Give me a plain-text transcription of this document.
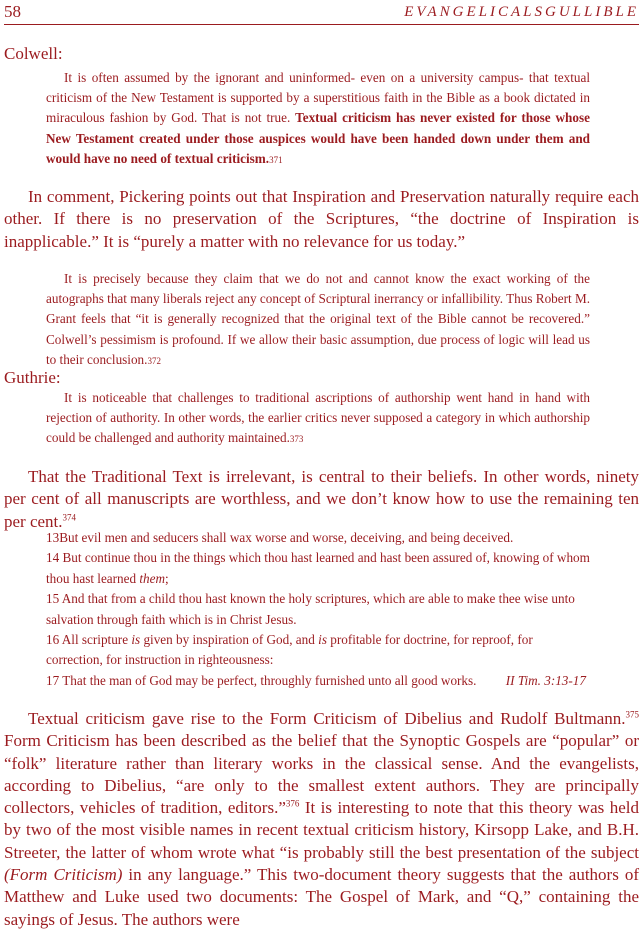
58	EVANGELICALSGULLIBLE
Colwell:
It is often assumed by the ignorant and uninformed- even on a university campus- that textual criticism of the New Testament is supported by a superstitious faith in the Bible as a book dictated in miraculous fashion by God. That is not true. Textual criticism has never existed for those whose New Testament created under those auspices would have been handed down under them and would have no need of textual criticism.371
In comment, Pickering points out that Inspiration and Preservation naturally require each other. If there is no preservation of the Scriptures, “the doctrine of Inspiration is inapplicable.” It is “purely a matter with no relevance for us today.”
It is precisely because they claim that we do not and cannot know the exact working of the autographs that many liberals reject any concept of Scriptural inerrancy or infallibility. Thus Robert M. Grant feels that “it is generally recognized that the original text of the Bible cannot be recovered.” Colwell’s pessimism is profound. If we allow their basic assumption, due process of logic will lead us to their conclusion.372
Guthrie:
It is noticeable that challenges to traditional ascriptions of authorship went hand in hand with rejection of authority. In other words, the earlier critics never supposed a category in which authorship could be challenged and authority maintained.373
That the Traditional Text is irrelevant, is central to their beliefs. In other words, ninety per cent of all manuscripts are worthless, and we don’t know how to use the remaining ten per cent.$^{374}$
13But evil men and seducers shall wax worse and worse, deceiving, and being deceived.
14 But continue thou in the things which thou hast learned and hast been assured of, knowing of whom thou hast learned them;
15 And that from a child thou hast known the holy scriptures, which are able to make thee wise unto salvation through faith which is in Christ Jesus.
16 All scripture is given by inspiration of God, and is profitable for doctrine, for reproof, for correction, for instruction in righteousness:
17 That the man of God may be perfect, throughly furnished unto all good works. II Tim. 3:13-17
Textual criticism gave rise to the Form Criticism of Dibelius and Rudolf Bultmann.$^{375}$ Form Criticism has been described as the belief that the Synoptic Gospels are “popular” or “folk” literature rather than literary works in the classical sense. And the evangelists, according to Dibelius, “are only to the smallest extent authors. They are principally collectors, vehicles of tradition, editors.”$^{376}$ It is interesting to note that this theory was held by two of the most visible names in recent textual criticism history, Kirsopp Lake, and B.H. Streeter, the latter of whom wrote what “is probably still the best presentation of the subject (Form Criticism) in any language.” This two-document theory suggests that the authors of Matthew and Luke used two documents: The Gospel of Mark, and “Q,” containing the sayings of Jesus. The authors were
